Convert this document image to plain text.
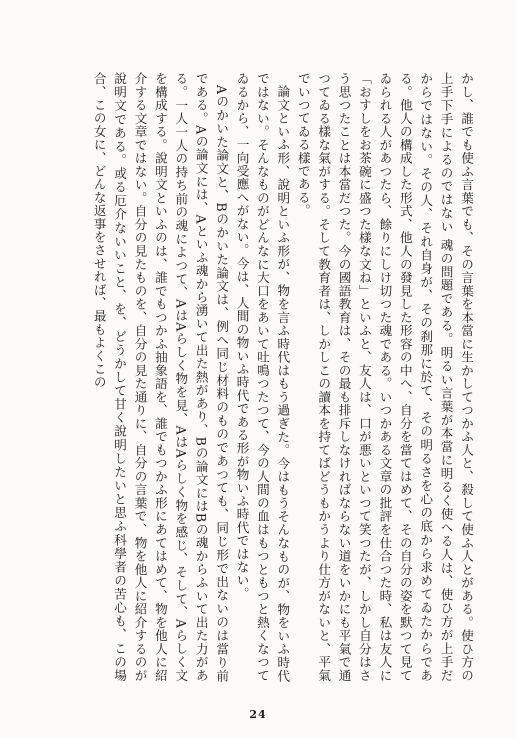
かし、誰でも使ふ言葉でも、その言葉を本當に生かしてつかふ人と、殺して使ふ人とがある。使ひ方の上手下手によるのではない 魂の問題である。明るい言葉が本當に明るく使へる人は、使ひ方が上手だからではない。その人、それ自身が、その刹那に於て、その明るさを心の底から求めてゐたからである。他人の構成した形式、他人の發見した形容の中へ、自分を當てはめて、その自分の姿を默つて見てゐられる人があつたら、餘りにしけ切つた魂である。いつかある文章の批評を仕合つた時、私は友人に「おすしをお茶碗に盛つた樣な文ね」といふと、友人は、口が悪いといつて笑つたが、しかし自分はさう思つたことは本當だつた。今の國語教育は、その最も排斥しなければならない道をいかにも平氣で通つてゐる樣な氣がする。そして教育者は、しかしこの讀本を持てばどうもかうより仕方がないと、平氣でいつてゐる樣である。

論文といふ形、說明といふ形が、物を言ふ時代はもう過ぎた。今はもうそんなものが、物をいふ時代ではない。そんなものがどんなに大口をあいて吐鳴つたつて、今の人間の血はもつともつと熱くなつてゐるから、一向受應へがない。今は、人間の物いふ時代である形が物いふ時代ではない。

Aのかいた論文と、Bのかいた論文は、例へ同じ材料のものであつても、同じ形で出ないのは當り前である。Aの論文には、Aといふ魂から湧いて出た熱があり、Bの論文にはBの魂からふいて出た力がある。一人一人の持ち前の魂によつて、AはAらしく物を見、AはAらしく物を感じ、そして、Aらしく文を構成する。說明文といふのは、誰でもつかふ抽象語を、誰でもつかふ形にあてはめて、物を他人に紹介する文章ではない。自分の見たものを、自分の見た通りに、自分の言葉で、物を他人に紹介するのが說明文である。或る厄介ないいこと、を、どうかして甘く說明したいと思ふ科學者の苦心も、この場合、この女に、どんな返事をさせれば、最もよくこの

24
